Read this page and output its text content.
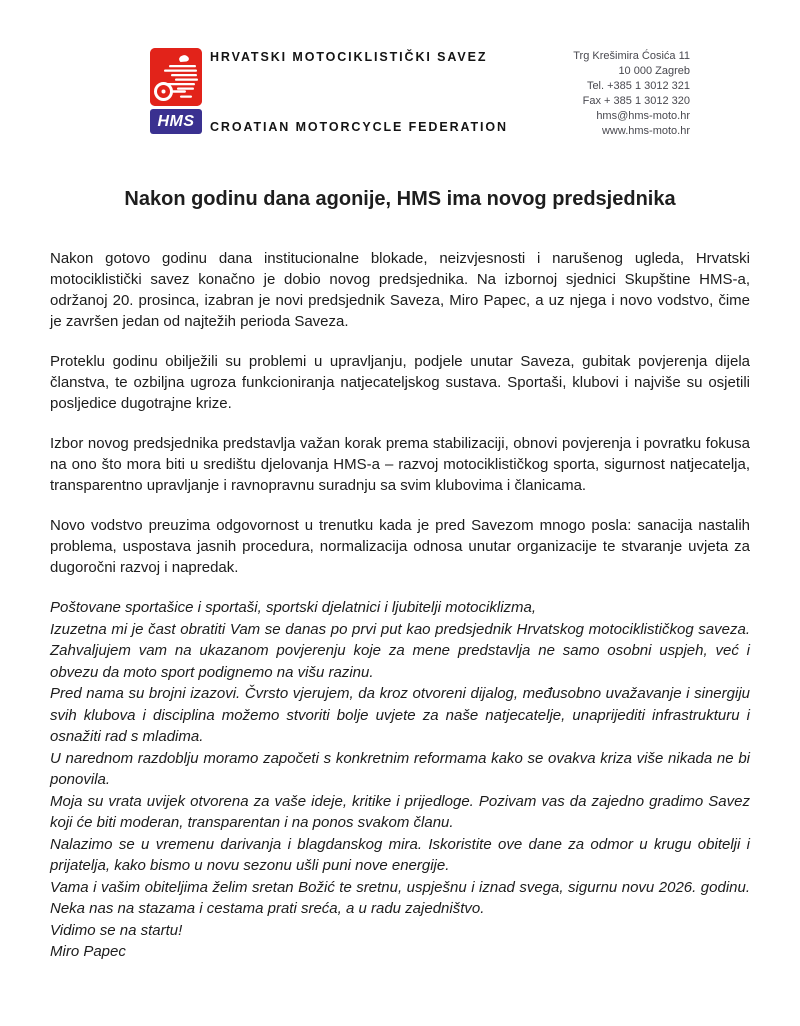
HMS
HRVATSKI MOTOCIKLISTIČKI SAVEZ
CROATIAN MOTORCYCLE FEDERATION
Trg Krešimira Ćosića 11
10 000 Zagreb
Tel. +385 1 3012 321
Fax + 385 1 3012 320
hms@hms-moto.hr
www.hms-moto.hr
Nakon godinu dana agonije, HMS ima novog predsjednika

Nakon gotovo godinu dana institucionalne blokade, neizvjesnosti i narušenog ugleda, Hrvatski motociklistički savez konačno je dobio novog predsjednika. Na izbornoj sjednici Skupštine HMS-a, održanoj 20. prosinca, izabran je novi predsjednik Saveza, Miro Papec, a uz njega i novo vodstvo, čime je završen jedan od najtežih perioda Saveza.

Proteklu godinu obilježili su problemi u upravljanju, podjele unutar Saveza, gubitak povjerenja dijela članstva, te ozbiljna ugroza funkcioniranja natjecateljskog sustava. Sportaši, klubovi i najviše su osjetili posljedice dugotrajne krize.

Izbor novog predsjednika predstavlja važan korak prema stabilizaciji, obnovi povjerenja i povratku fokusa na ono što mora biti u središtu djelovanja HMS-a – razvoj motociklističkog sporta, sigurnost natjecatelja, transparentno upravljanje i ravnopravnu suradnju sa svim klubovima i članicama.

Novo vodstvo preuzima odgovornost u trenutku kada je pred Savezom mnogo posla: sanacija nastalih problema, uspostava jasnih procedura, normalizacija odnosa unutar organizacije te stvaranje uvjeta za dugoročni razvoj i napredak.

Poštovane sportašice i sportaši, sportski djelatnici i ljubitelji motociklizma,

Izuzetna mi je čast obratiti Vam se danas po prvi put kao predsjednik Hrvatskog motociklističkog saveza. Zahvaljujem vam na ukazanom povjerenju koje za mene predstavlja ne samo osobni uspjeh, već i obvezu da moto sport podignemo na višu razinu.

Pred nama su brojni izazovi. Čvrsto vjerujem, da kroz otvoreni dijalog, međusobno uvažavanje i sinergiju svih klubova i disciplina možemo stvoriti bolje uvjete za naše natjecatelje, unaprijediti infrastrukturu i osnažiti rad s mladima.

U narednom razdoblju moramo započeti s konkretnim reformama kako se ovakva kriza više nikada ne bi ponovila.

Moja su vrata uvijek otvorena za vaše ideje, kritike i prijedloge. Pozivam vas da zajedno gradimo Savez koji će biti moderan, transparentan i na ponos svakom članu.

Nalazimo se u vremenu darivanja i blagdanskog mira. Iskoristite ove dane za odmor u krugu obitelji i prijatelja, kako bismo u novu sezonu ušli puni nove energije.

Vama i vašim obiteljima želim sretan Božić te sretnu, uspješnu i iznad svega, sigurnu novu 2026. godinu. Neka nas na stazama i cestama prati sreća, a u radu zajedništvo.

Vidimo se na startu!

Miro Papec
